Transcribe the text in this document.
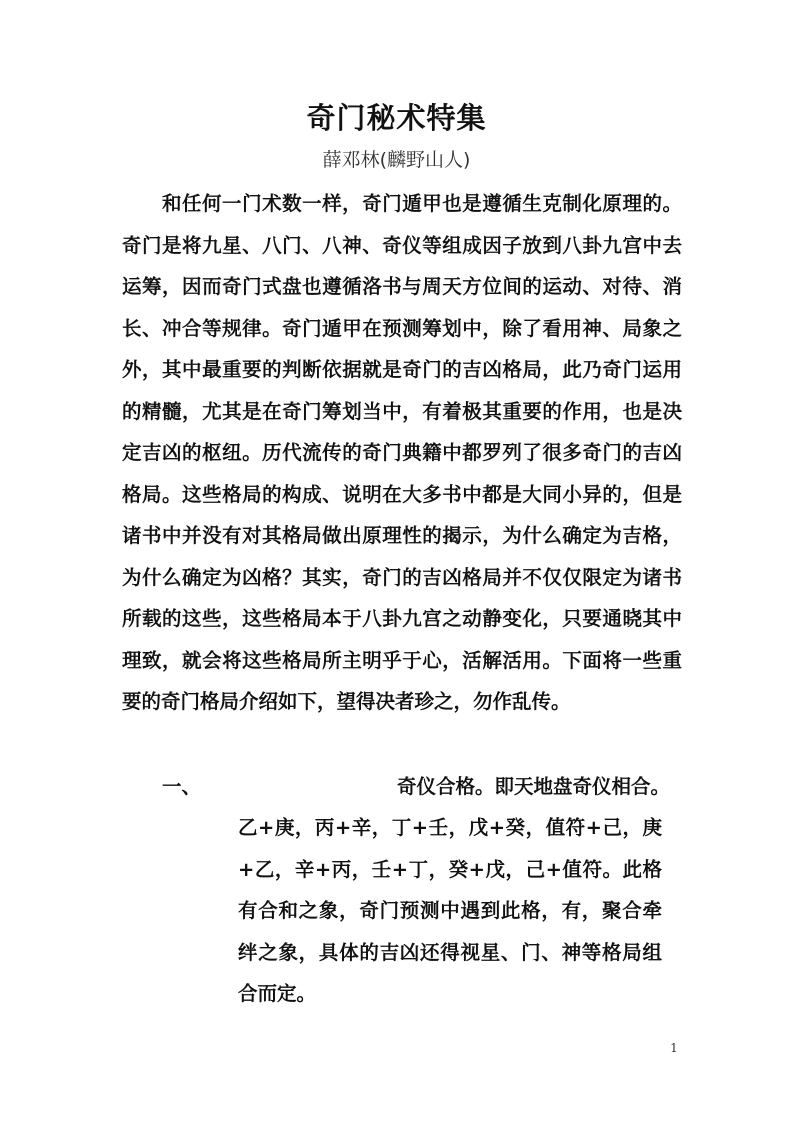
奇门秘术特集
薛邓林(麟野山人)

和任何一门术数一样，奇门遁甲也是遵循生克制化原理的。奇门是将九星、八门、八神、奇仪等组成因子放到八卦九宫中去运筹，因而奇门式盘也遵循洛书与周天方位间的运动、对待、消长、冲合等规律。奇门遁甲在预测筹划中，除了看用神、局象之外，其中最重要的判断依据就是奇门的吉凶格局，此乃奇门运用的精髓，尤其是在奇门筹划当中，有着极其重要的作用，也是决定吉凶的枢纽。历代流传的奇门典籍中都罗列了很多奇门的吉凶格局。这些格局的构成、说明在大多书中都是大同小异的，但是诸书中并没有对其格局做出原理性的揭示，为什么确定为吉格，为什么确定为凶格？其实，奇门的吉凶格局并不仅仅限定为诸书所载的这些，这些格局本于八卦九宫之动静变化，只要通晓其中理致，就会将这些格局所主明乎于心，活解活用。下面将一些重要的奇门格局介绍如下，望得决者珍之，勿作乱传。

一、	奇仪合格。即天地盘奇仪相合。

乙+庚，丙+辛，丁+壬，戊+癸，值符+己，庚+乙，辛+丙，壬+丁，癸+戊，己+值符。此格有合和之象，奇门预测中遇到此格，有，聚合牵绊之象，具体的吉凶还得视星、门、神等格局组合而定。

1
